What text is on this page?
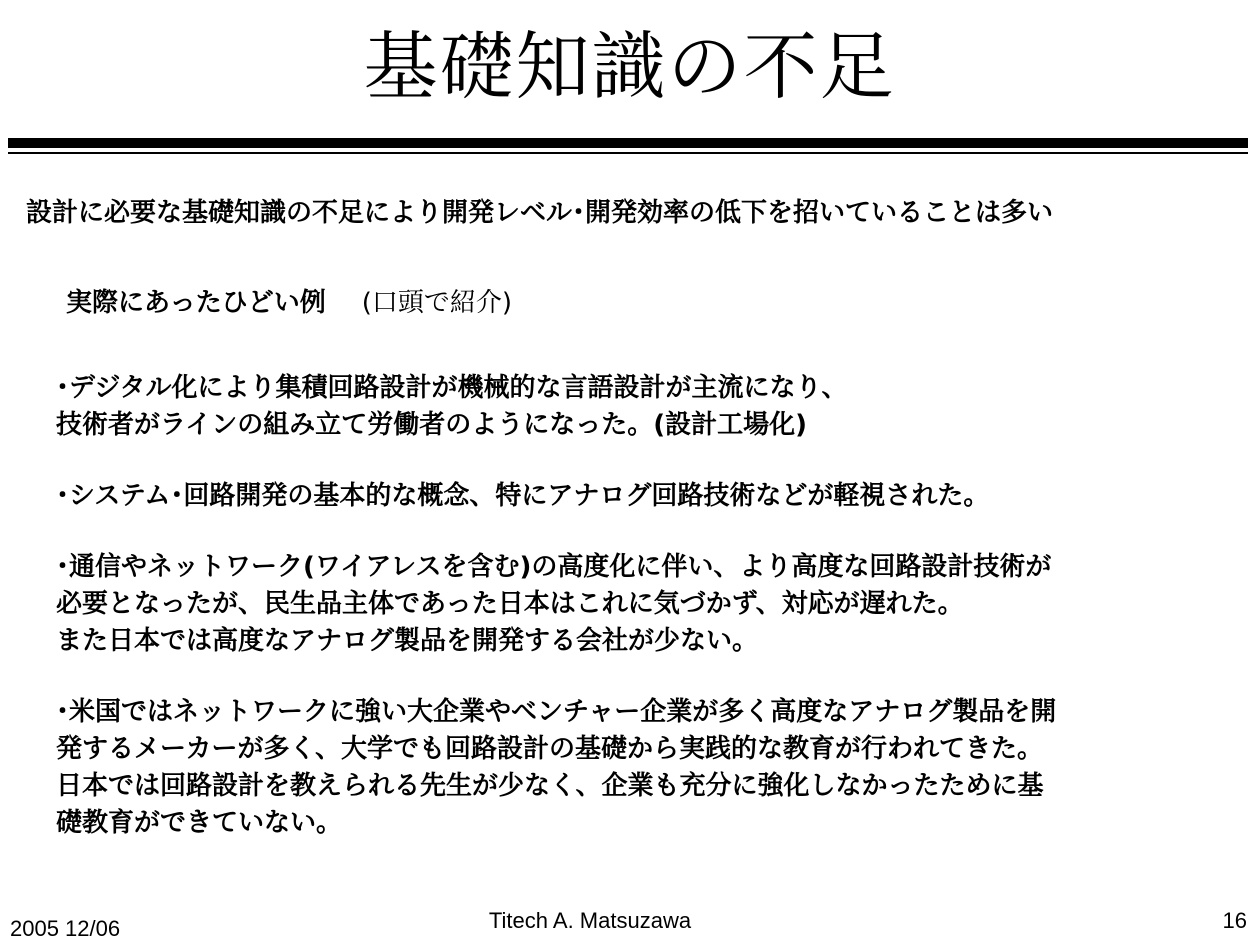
基礎知識の不足
設計に必要な基礎知識の不足により開発レベル･開発効率の低下を招いていることは多い
実際にあったひどい例 (口頭で紹介)
･デジタル化により集積回路設計が機械的な言語設計が主流になり、
技術者がラインの組み立て労働者のようになった。(設計工場化)
･システム･回路開発の基本的な概念、特にアナログ回路技術などが軽視された。
･通信やネットワーク(ワイアレスを含む)の高度化に伴い、より高度な回路設計技術が
必要となったが、民生品主体であった日本はこれに気づかず、対応が遅れた。
また日本では高度なアナログ製品を開発する会社が少ない。
･米国ではネットワークに強い大企業やベンチャー企業が多く高度なアナログ製品を開
発するメーカーが多く、大学でも回路設計の基礎から実践的な教育が行われてきた。
日本では回路設計を教えられる先生が少なく、企業も充分に強化しなかったために基
礎教育ができていない。
2005 12/06	Titech A. Matsuzawa	16
